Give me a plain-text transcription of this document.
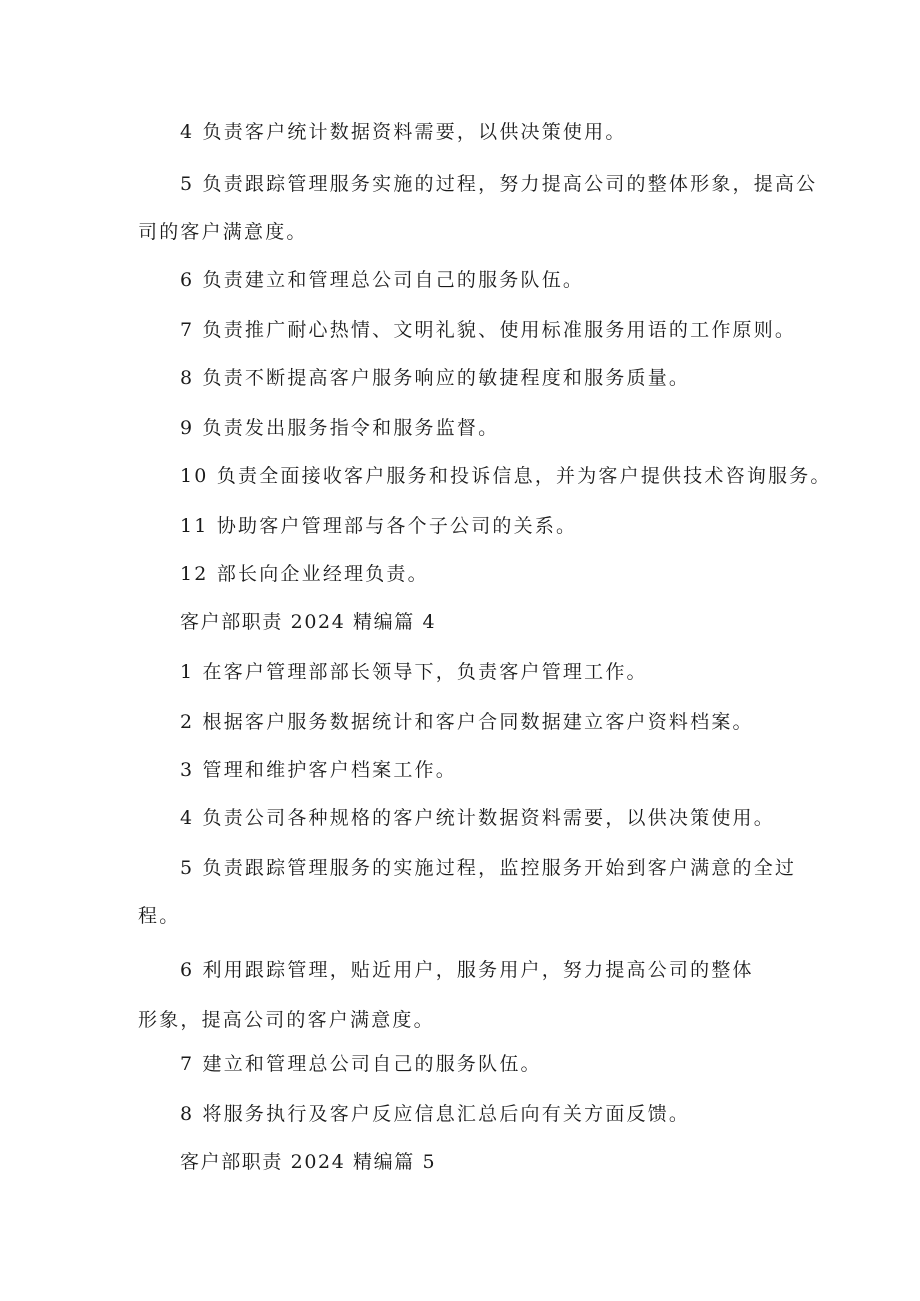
4 负责客户统计数据资料需要，以供决策使用。
5 负责跟踪管理服务实施的过程，努力提高公司的整体形象，提高公
司的客户满意度。
6 负责建立和管理总公司自己的服务队伍。
7 负责推广耐心热情、文明礼貌、使用标准服务用语的工作原则。
8 负责不断提高客户服务响应的敏捷程度和服务质量。
9 负责发出服务指令和服务监督。
10 负责全面接收客户服务和投诉信息，并为客户提供技术咨询服务。
11 协助客户管理部与各个子公司的关系。
12 部长向企业经理负责。
客户部职责 2024 精编篇 4
1 在客户管理部部长领导下，负责客户管理工作。
2 根据客户服务数据统计和客户合同数据建立客户资料档案。
3 管理和维护客户档案工作。
4 负责公司各种规格的客户统计数据资料需要，以供决策使用。
5 负责跟踪管理服务的实施过程，监控服务开始到客户满意的全过
程。
6 利用跟踪管理，贴近用户，服务用户，努力提高公司的整体
形象，提高公司的客户满意度。
7 建立和管理总公司自己的服务队伍。
8 将服务执行及客户反应信息汇总后向有关方面反馈。
客户部职责 2024 精编篇 5
